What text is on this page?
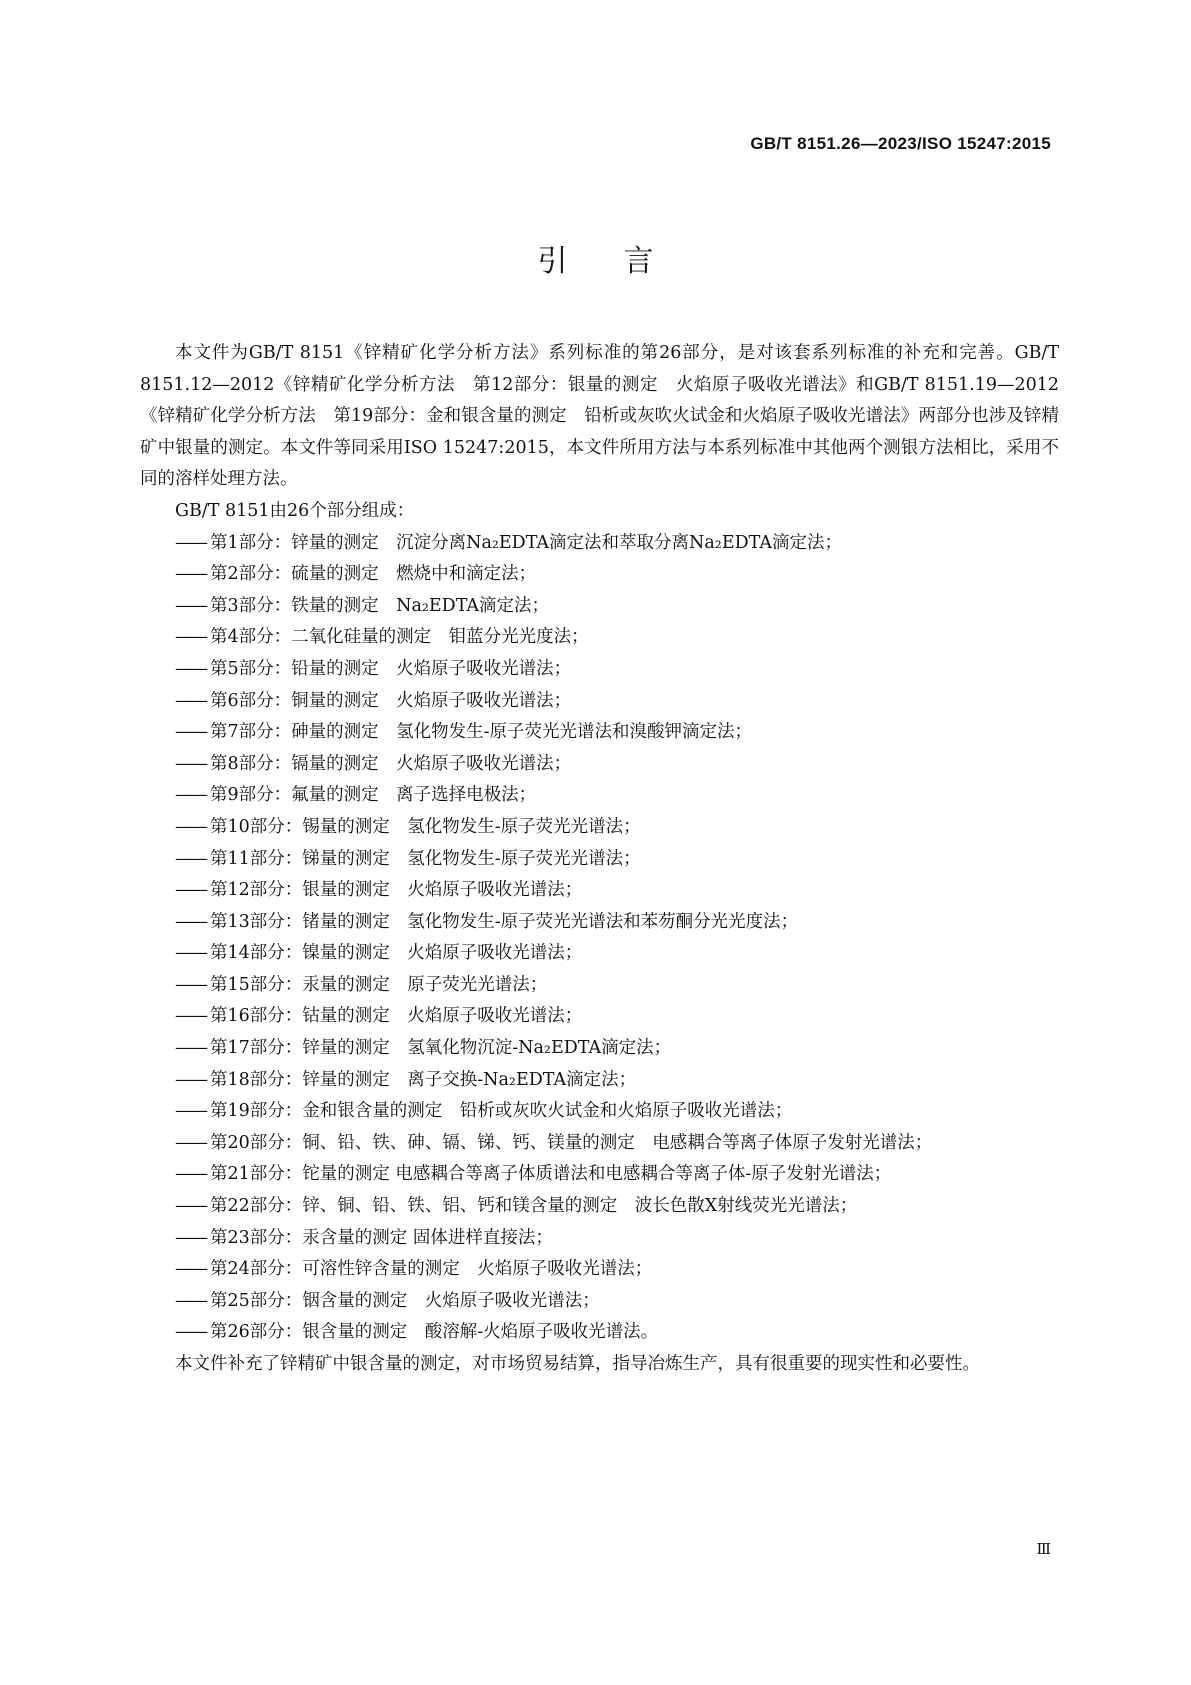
GB/T 8151.26—2023/ISO 15247:2015
引言

本文件为GB/T 8151《锌精矿化学分析方法》系列标准的第26部分，是对该套系列标准的补充和完善。GB/T 8151.12—2012《锌精矿化学分析方法　第12部分：银量的测定　火焰原子吸收光谱法》和GB/T 8151.19—2012《锌精矿化学分析方法　第19部分：金和银含量的测定　铅析或灰吹火试金和火焰原子吸收光谱法》两部分也涉及锌精矿中银量的测定。本文件等同采用ISO 15247:2015，本文件所用方法与本系列标准中其他两个测银方法相比，采用不同的溶样处理方法。

GB/T 8151由26个部分组成：

—— 第1部分：锌量的测定　沉淀分离Na₂EDTA滴定法和萃取分离Na₂EDTA滴定法；
—— 第2部分：硫量的测定　燃烧中和滴定法；
—— 第3部分：铁量的测定　Na₂EDTA滴定法；
—— 第4部分：二氧化硅量的测定　钼蓝分光光度法；
—— 第5部分：铅量的测定　火焰原子吸收光谱法；
—— 第6部分：铜量的测定　火焰原子吸收光谱法；
—— 第7部分：砷量的测定　氢化物发生-原子荧光光谱法和溴酸钾滴定法；
—— 第8部分：镉量的测定　火焰原子吸收光谱法；
—— 第9部分：氟量的测定　离子选择电极法；
—— 第10部分：锡量的测定　氢化物发生-原子荧光光谱法；
—— 第11部分：锑量的测定　氢化物发生-原子荧光光谱法；
—— 第12部分：银量的测定　火焰原子吸收光谱法；
—— 第13部分：锗量的测定　氢化物发生-原子荧光光谱法和苯芴酮分光光度法；
—— 第14部分：镍量的测定　火焰原子吸收光谱法；
—— 第15部分：汞量的测定　原子荧光光谱法；
—— 第16部分：钴量的测定　火焰原子吸收光谱法；
—— 第17部分：锌量的测定　氢氧化物沉淀-Na₂EDTA滴定法；
—— 第18部分：锌量的测定　离子交换-Na₂EDTA滴定法；
—— 第19部分：金和银含量的测定　铅析或灰吹火试金和火焰原子吸收光谱法；
—— 第20部分：铜、铅、铁、砷、镉、锑、钙、镁量的测定　电感耦合等离子体原子发射光谱法；
—— 第21部分：铊量的测定 电感耦合等离子体质谱法和电感耦合等离子体-原子发射光谱法；
—— 第22部分：锌、铜、铅、铁、铝、钙和镁含量的测定　波长色散X射线荧光光谱法；
—— 第23部分：汞含量的测定 固体进样直接法；
—— 第24部分：可溶性锌含量的测定　火焰原子吸收光谱法；
—— 第25部分：铟含量的测定　火焰原子吸收光谱法；
—— 第26部分：银含量的测定　酸溶解-火焰原子吸收光谱法。

本文件补充了锌精矿中银含量的测定，对市场贸易结算，指导冶炼生产，具有很重要的现实性和必要性。

Ⅲ
